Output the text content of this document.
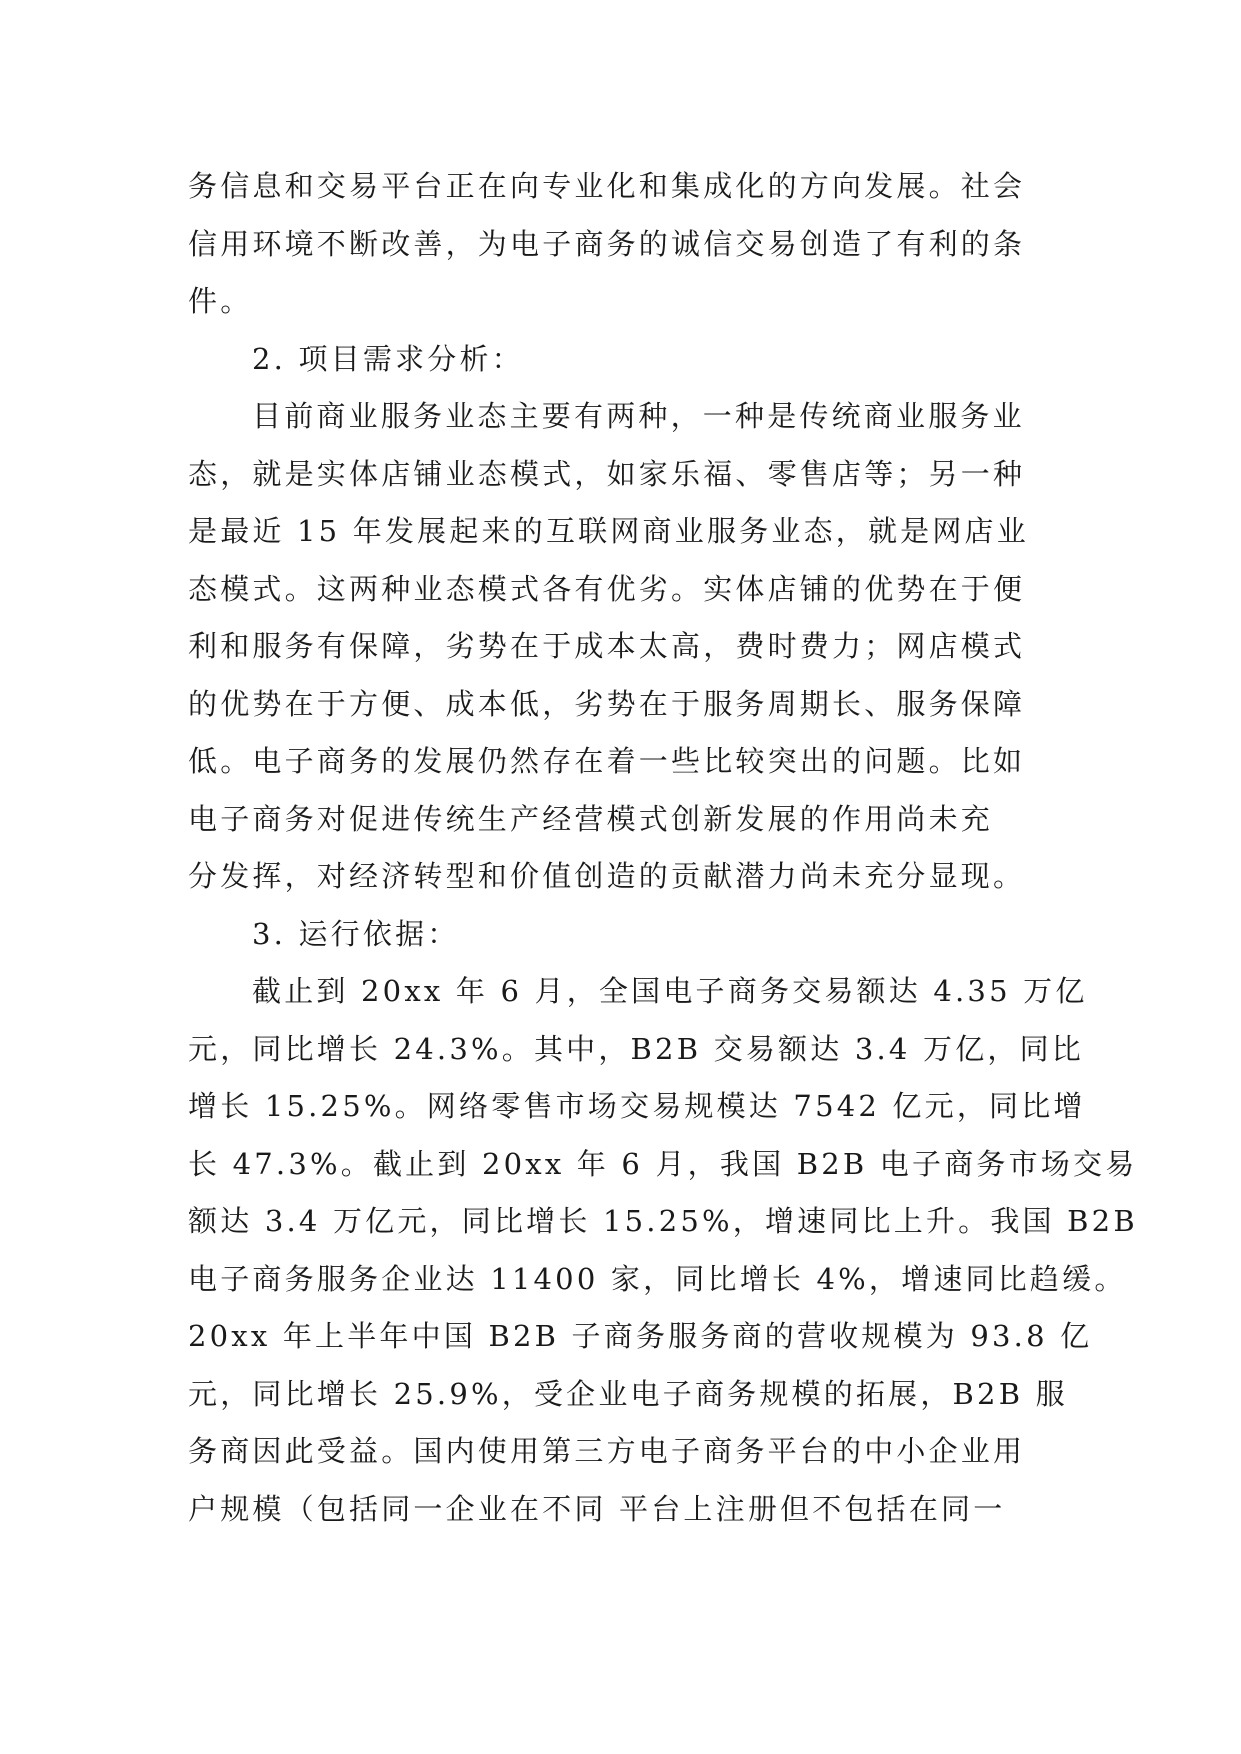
务信息和交易平台正在向专业化和集成化的方向发展。社会
信用环境不断改善，为电子商务的诚信交易创造了有利的条
件。
2. 项目需求分析：
目前商业服务业态主要有两种，一种是传统商业服务业
态，就是实体店铺业态模式，如家乐福、零售店等；另一种
是最近 15 年发展起来的互联网商业服务业态，就是网店业
态模式。这两种业态模式各有优劣。实体店铺的优势在于便
利和服务有保障，劣势在于成本太高，费时费力；网店模式
的优势在于方便、成本低，劣势在于服务周期长、服务保障
低。电子商务的发展仍然存在着一些比较突出的问题。比如
电子商务对促进传统生产经营模式创新发展的作用尚未充
分发挥，对经济转型和价值创造的贡献潜力尚未充分显现。
3. 运行依据：
截止到 20xx 年 6 月，全国电子商务交易额达 4.35 万亿
元，同比增长 24.3%。其中，B2B 交易额达 3.4 万亿，同比
增长 15.25%。网络零售市场交易规模达 7542 亿元，同比增
长 47.3%。截止到 20xx 年 6 月，我国 B2B 电子商务市场交易
额达 3.4 万亿元，同比增长 15.25%，增速同比上升。我国 B2B
电子商务服务企业达 11400 家，同比增长 4%，增速同比趋缓。
20xx 年上半年中国 B2B 子商务服务商的营收规模为 93.8 亿
元，同比增长 25.9%，受企业电子商务规模的拓展，B2B 服
务商因此受益。国内使用第三方电子商务平台的中小企业用
户规模（包括同一企业在不同 平台上注册但不包括在同一
